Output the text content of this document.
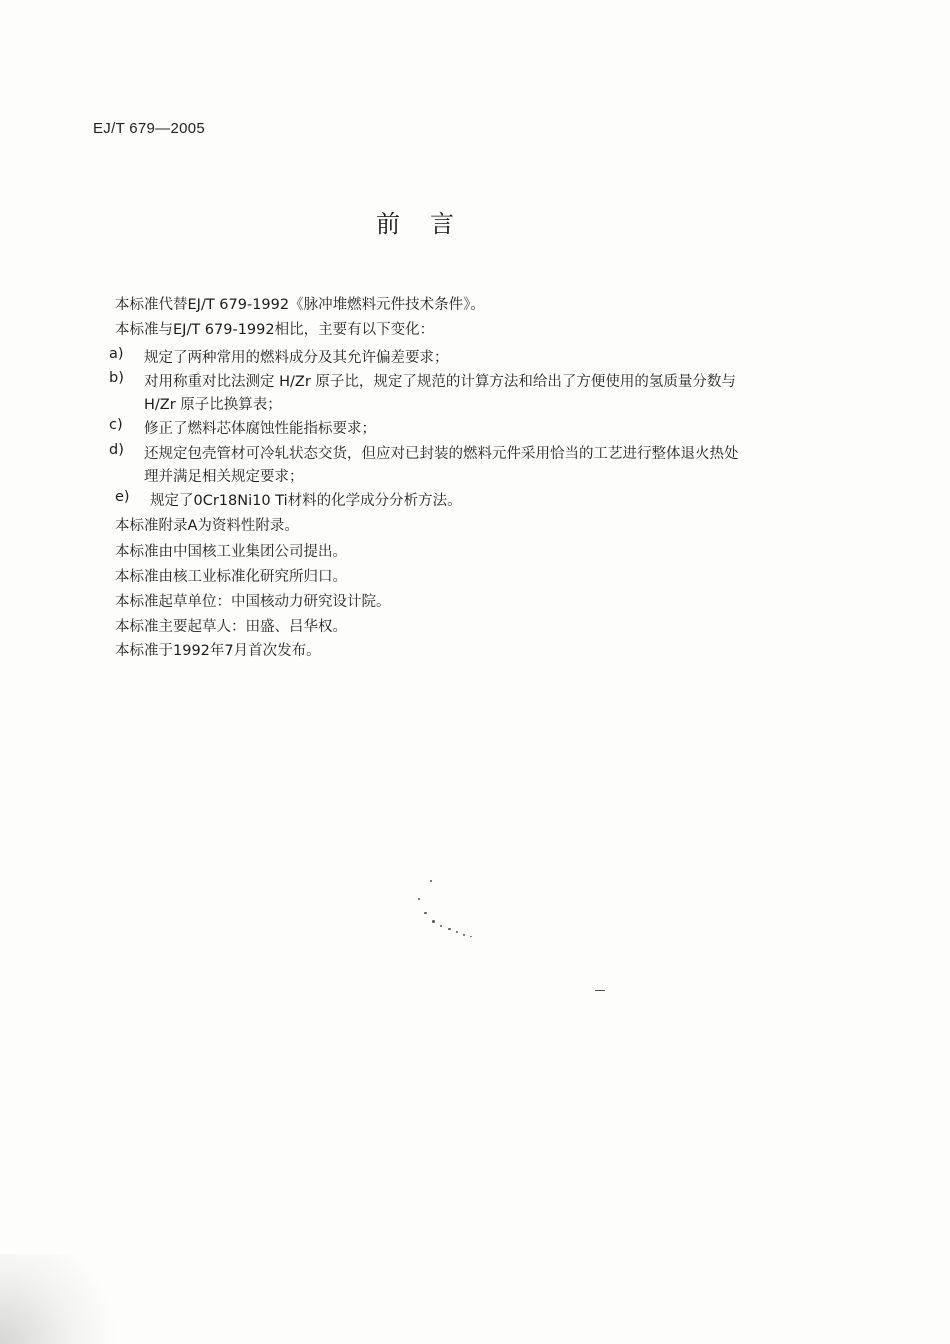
EJ/T 679—2005
前言
本标准代替EJ/T 679-1992《脉冲堆燃料元件技术条件》。
本标准与EJ/T 679-1992相比，主要有以下变化：
a) 规定了两种常用的燃料成分及其允许偏差要求；
b) 对用称重对比法测定 H/Zr 原子比，规定了规范的计算方法和给出了方便使用的氢质量分数与
H/Zr 原子比换算表；
c) 修正了燃料芯体腐蚀性能指标要求；
d) 还规定包壳管材可冷轧状态交货，但应对已封装的燃料元件采用恰当的工艺进行整体退火热处
理并满足相关规定要求；
e) 规定了0Cr18Ni10 Ti材料的化学成分分析方法。
本标准附录A为资料性附录。
本标准由中国核工业集团公司提出。
本标准由核工业标准化研究所归口。
本标准起草单位：中国核动力研究设计院。
本标准主要起草人：田盛、吕华权。
本标准于1992年7月首次发布。
